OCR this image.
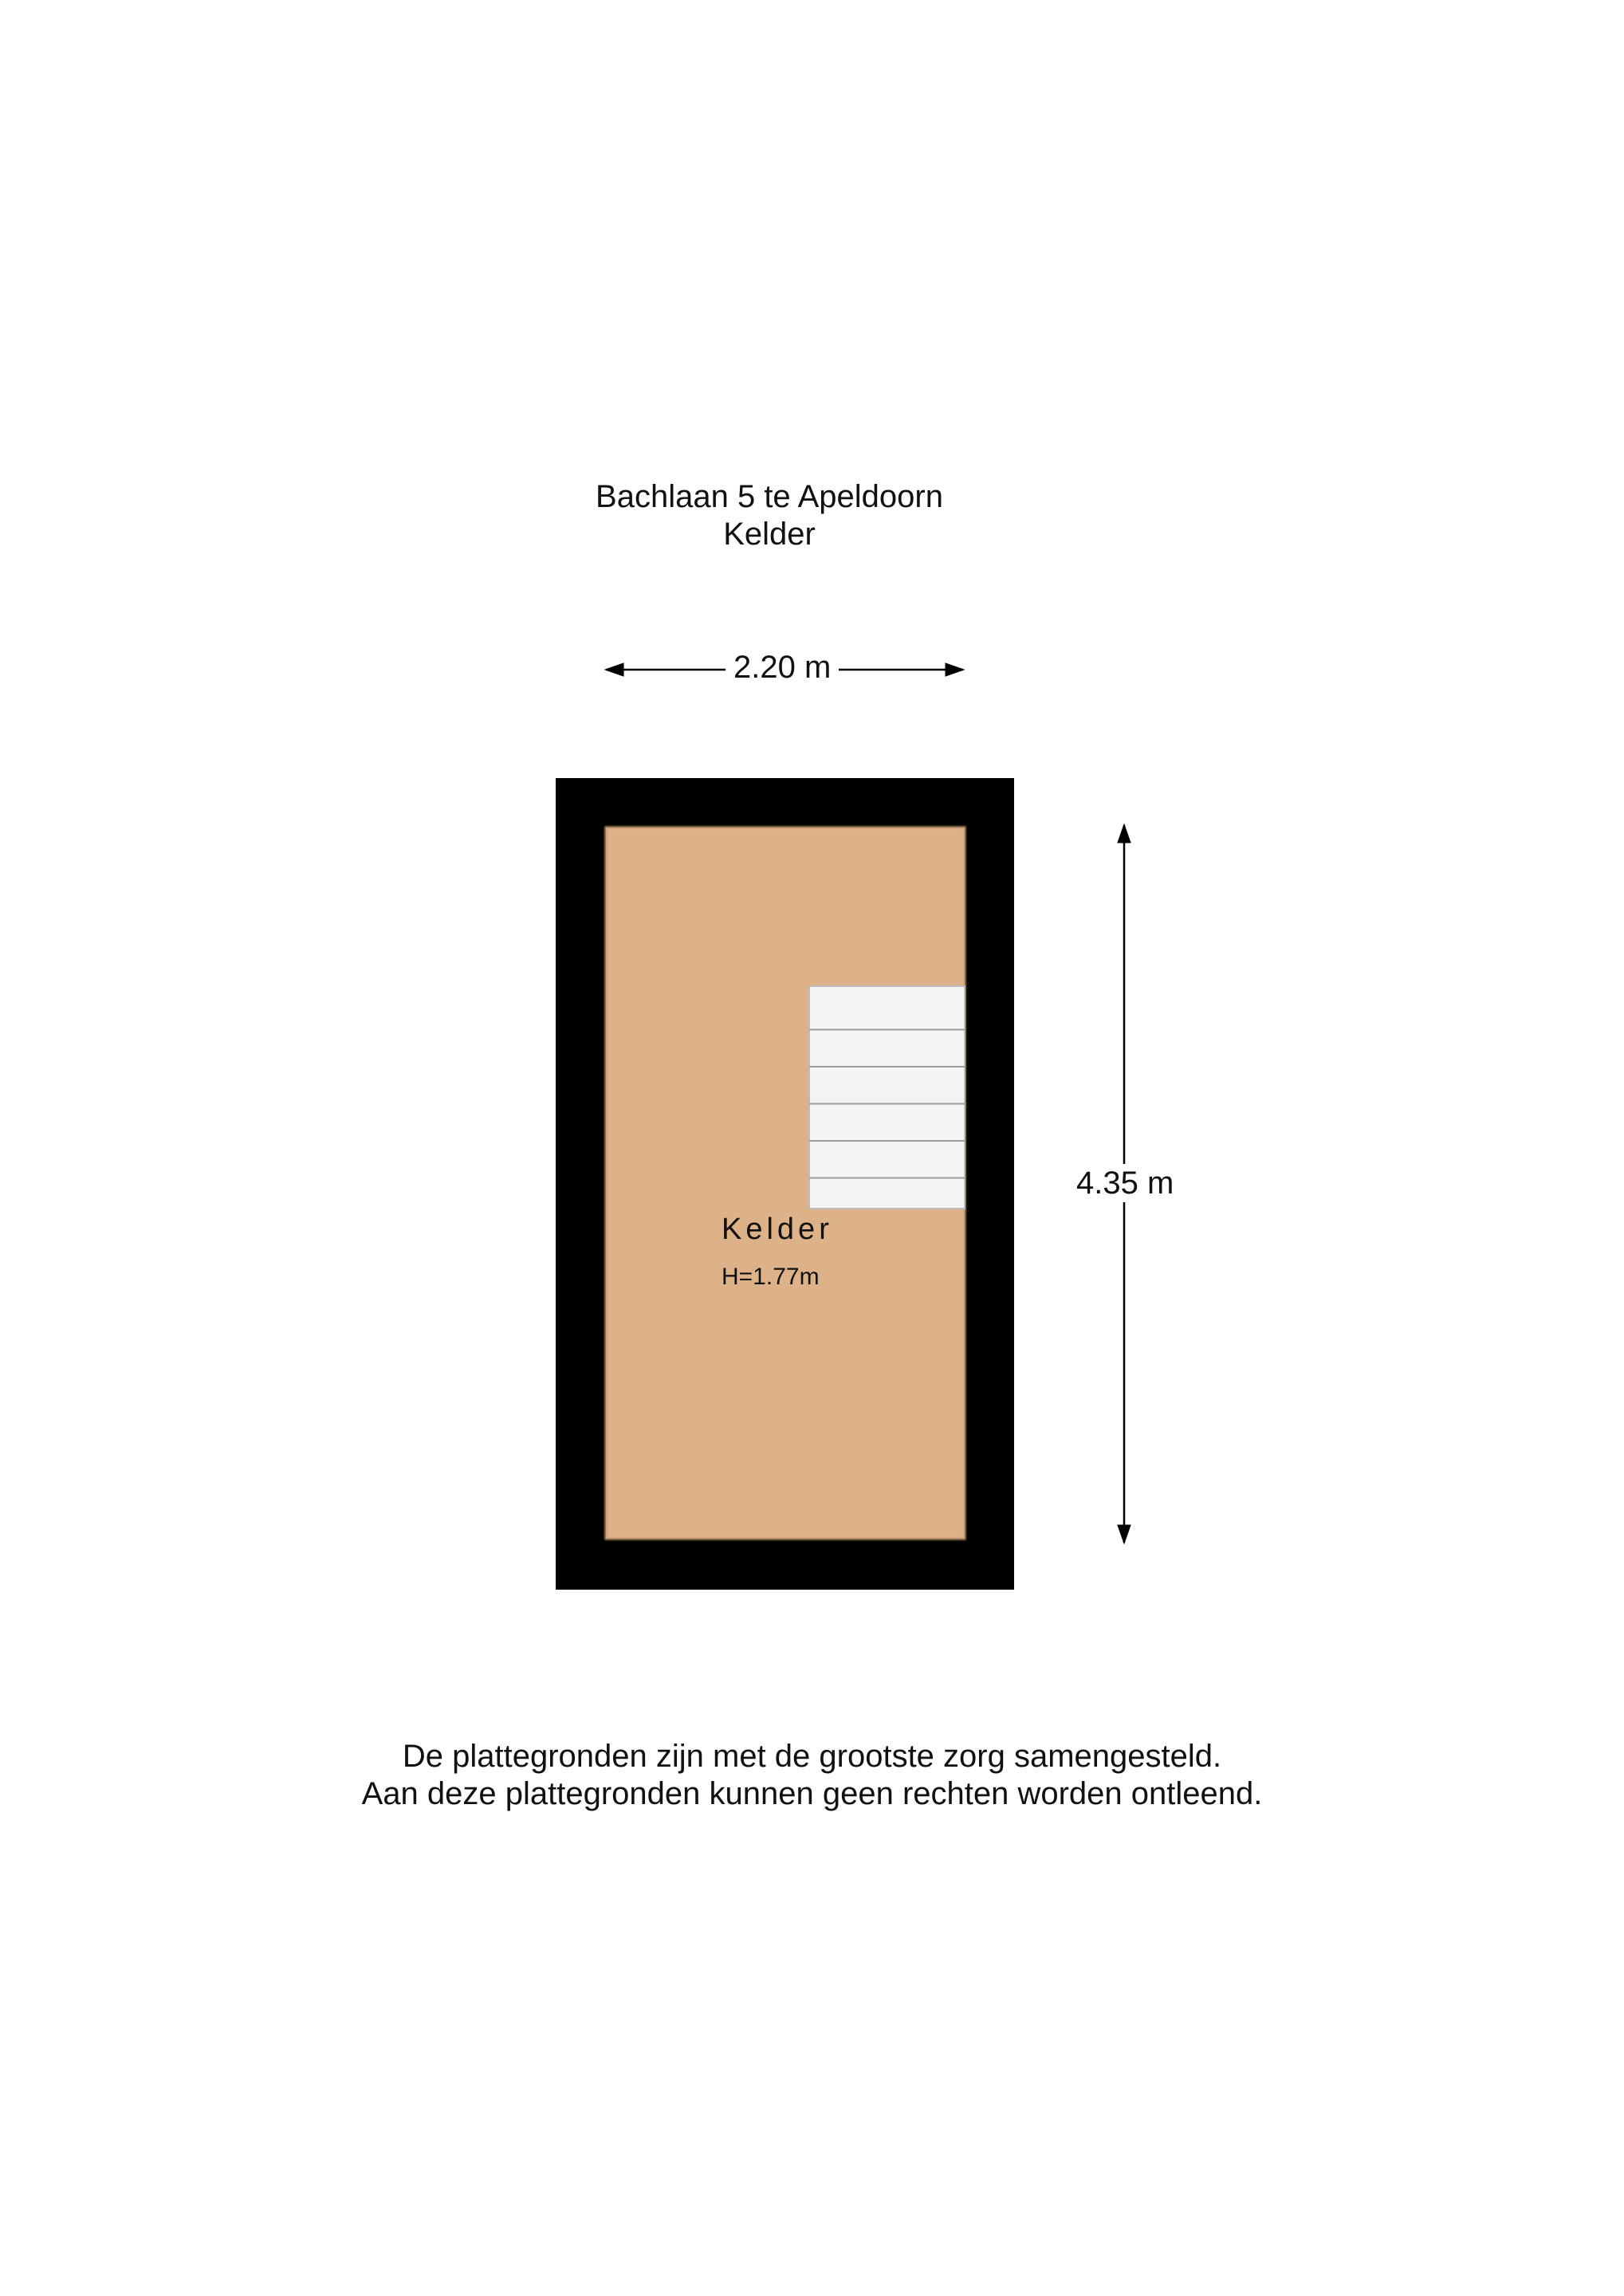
Bachlaan 5 te Apeldoorn
Kelder
2.20 m
4.35 m
Kelder
H=1.77m
De plattegronden zijn met de grootste zorg samengesteld.
Aan deze plattegronden kunnen geen rechten worden ontleend.
